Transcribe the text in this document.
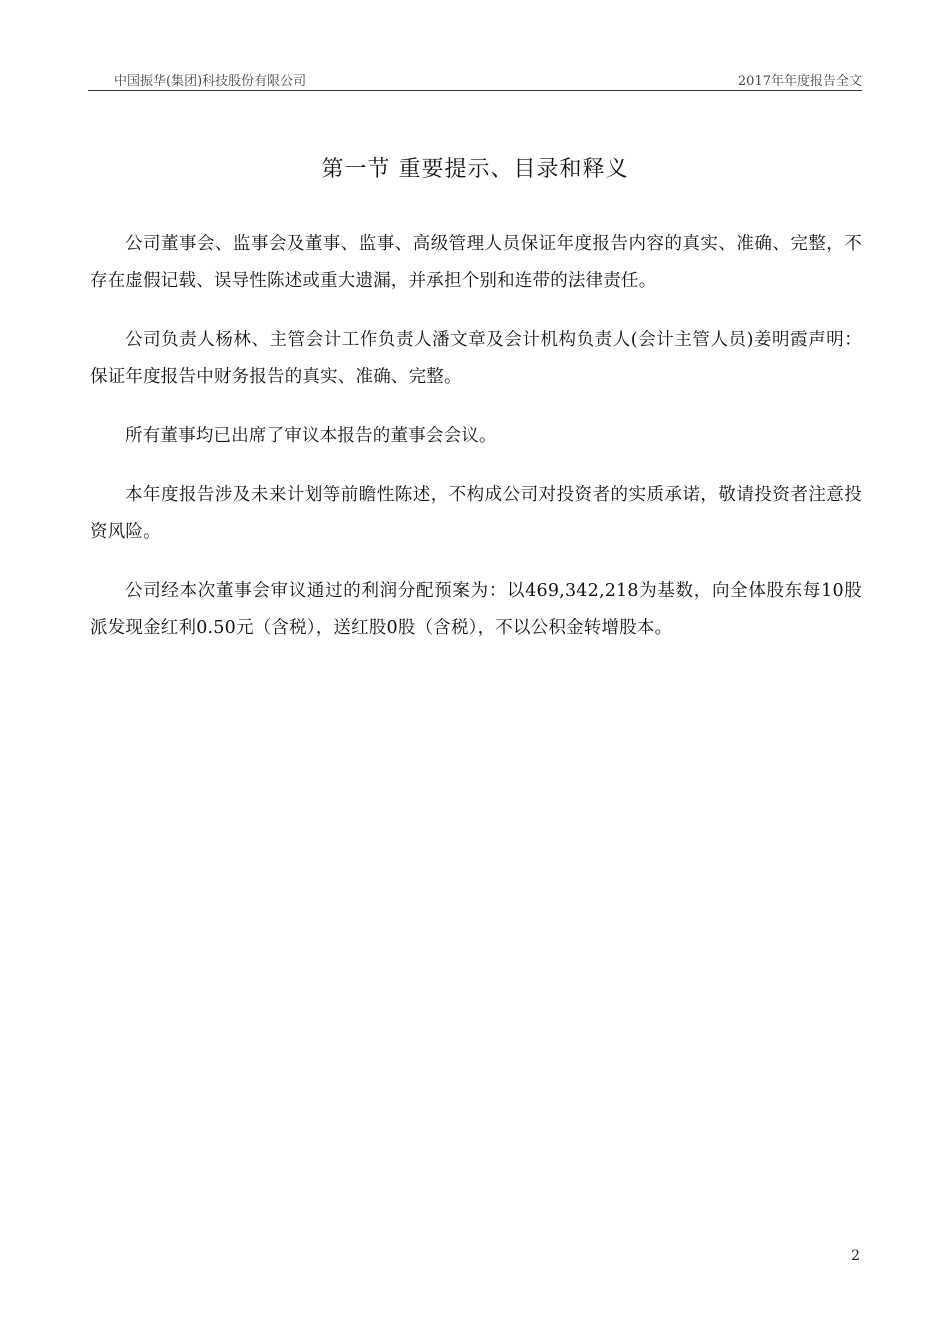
中国振华(集团)科技股份有限公司	2017年年度报告全文
第一节 重要提示、目录和释义

公司董事会、监事会及董事、监事、高级管理人员保证年度报告内容的真实、准确、完整，不存在虚假记载、误导性陈述或重大遗漏，并承担个别和连带的法律责任。

公司负责人杨林、主管会计工作负责人潘文章及会计机构负责人(会计主管人员)姜明霞声明：保证年度报告中财务报告的真实、准确、完整。

所有董事均已出席了审议本报告的董事会会议。

本年度报告涉及未来计划等前瞻性陈述，不构成公司对投资者的实质承诺，敬请投资者注意投资风险。

公司经本次董事会审议通过的利润分配预案为：以469,342,218为基数，向全体股东每10股派发现金红利0.50元（含税），送红股0股（含税），不以公积金转增股本。

2
